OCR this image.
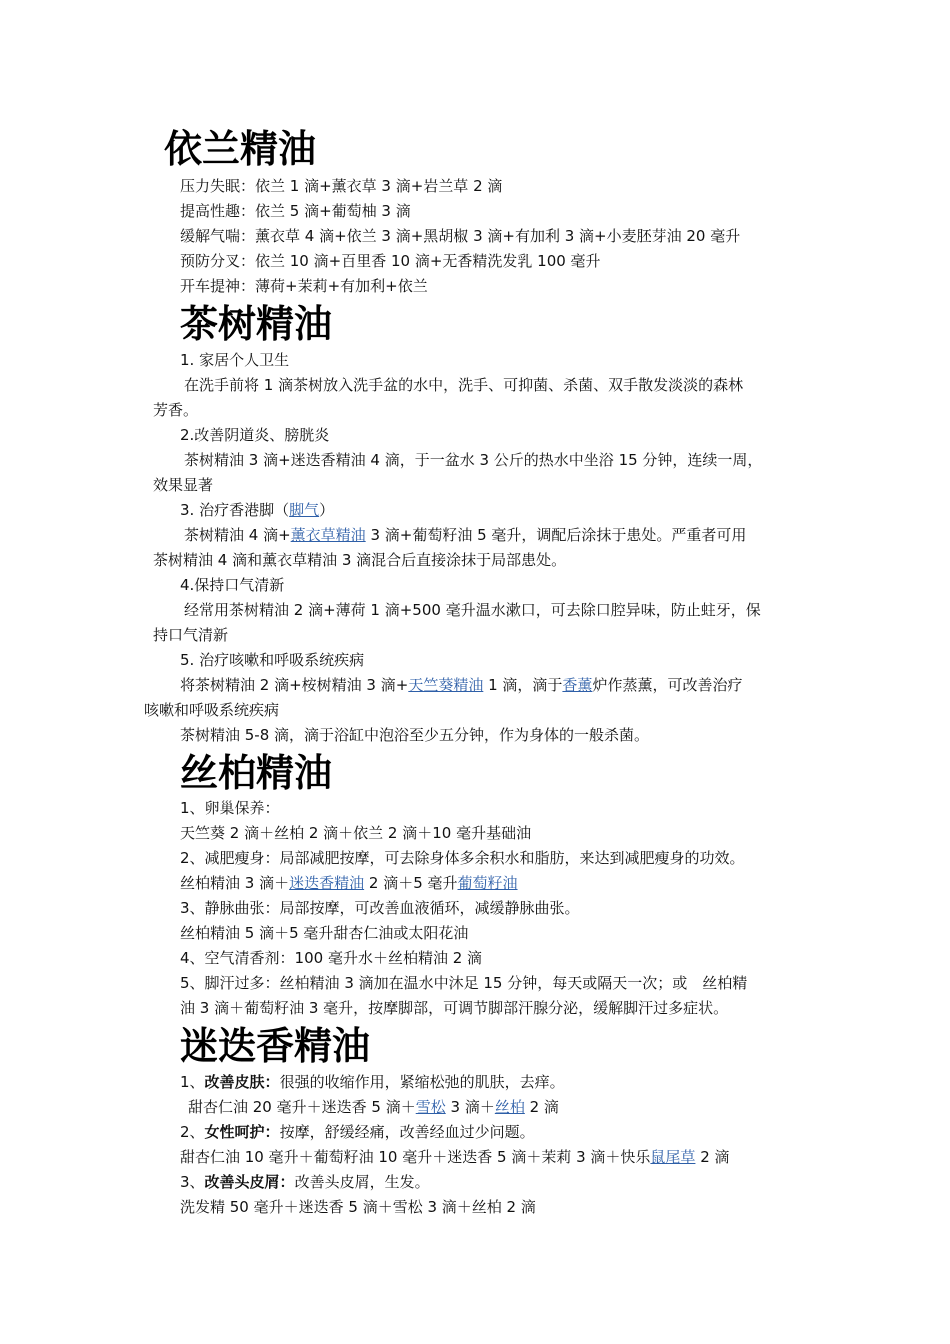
依兰精油

压力失眠：依兰 1 滴+薰衣草 3 滴+岩兰草 2 滴

提高性趣：依兰 5 滴+葡萄柚 3 滴

缓解气喘：薰衣草 4 滴+依兰 3 滴+黑胡椒 3 滴+有加利 3 滴+小麦胚芽油 20 毫升

预防分叉：依兰 10 滴+百里香 10 滴+无香精洗发乳 100 毫升

开车提神：薄荷+茉莉+有加利+依兰

茶树精油

1. 家居个人卫生

在洗手前将 1 滴茶树放入洗手盆的水中，洗手、可抑菌、杀菌、双手散发淡淡的森林

芳香。

2.改善阴道炎、膀胱炎

茶树精油 3 滴+迷迭香精油 4 滴，于一盆水 3 公斤的热水中坐浴 15 分钟，连续一周，

效果显著

3. 治疗香港脚（脚气）

茶树精油 4 滴+薰衣草精油 3 滴+葡萄籽油 5 毫升，调配后涂抹于患处。严重者可用

茶树精油 4 滴和薰衣草精油 3 滴混合后直接涂抹于局部患处。

4.保持口气清新

经常用茶树精油 2 滴+薄荷 1 滴+500 毫升温水漱口，可去除口腔异味，防止蛀牙，保

持口气清新

5. 治疗咳嗽和呼吸系统疾病

将茶树精油 2 滴+桉树精油 3 滴+天竺葵精油 1 滴，滴于香薰炉作蒸薰，可改善治疗

咳嗽和呼吸系统疾病

茶树精油 5-8 滴，滴于浴缸中泡浴至少五分钟，作为身体的一般杀菌。

丝柏精油

1、卵巢保养：

天竺葵 2 滴＋丝柏 2 滴＋依兰 2 滴＋10 毫升基础油

2、减肥瘦身：局部减肥按摩，可去除身体多余积水和脂肪，来达到减肥瘦身的功效。

丝柏精油 3 滴＋迷迭香精油 2 滴＋5 毫升葡萄籽油

3、静脉曲张：局部按摩，可改善血液循环，减缓静脉曲张。

丝柏精油 5 滴＋5 毫升甜杏仁油或太阳花油

4、空气清香剂：100 毫升水＋丝柏精油 2 滴

5、脚汗过多：丝柏精油 3 滴加在温水中沐足 15 分钟，每天或隔天一次；或　丝柏精

油 3 滴＋葡萄籽油 3 毫升，按摩脚部，可调节脚部汗腺分泌，缓解脚汗过多症状。

迷迭香精油

1、改善皮肤：很强的收缩作用，紧缩松弛的肌肤，去痒。

甜杏仁油 20 毫升＋迷迭香 5 滴＋雪松 3 滴＋丝柏 2 滴

2、女性呵护：按摩，舒缓经痛，改善经血过少问题。

甜杏仁油 10 毫升＋葡萄籽油 10 毫升＋迷迭香 5 滴＋茉莉 3 滴＋快乐鼠尾草 2 滴

3、改善头皮屑：改善头皮屑，生发。

洗发精 50 毫升＋迷迭香 5 滴＋雪松 3 滴＋丝柏 2 滴
